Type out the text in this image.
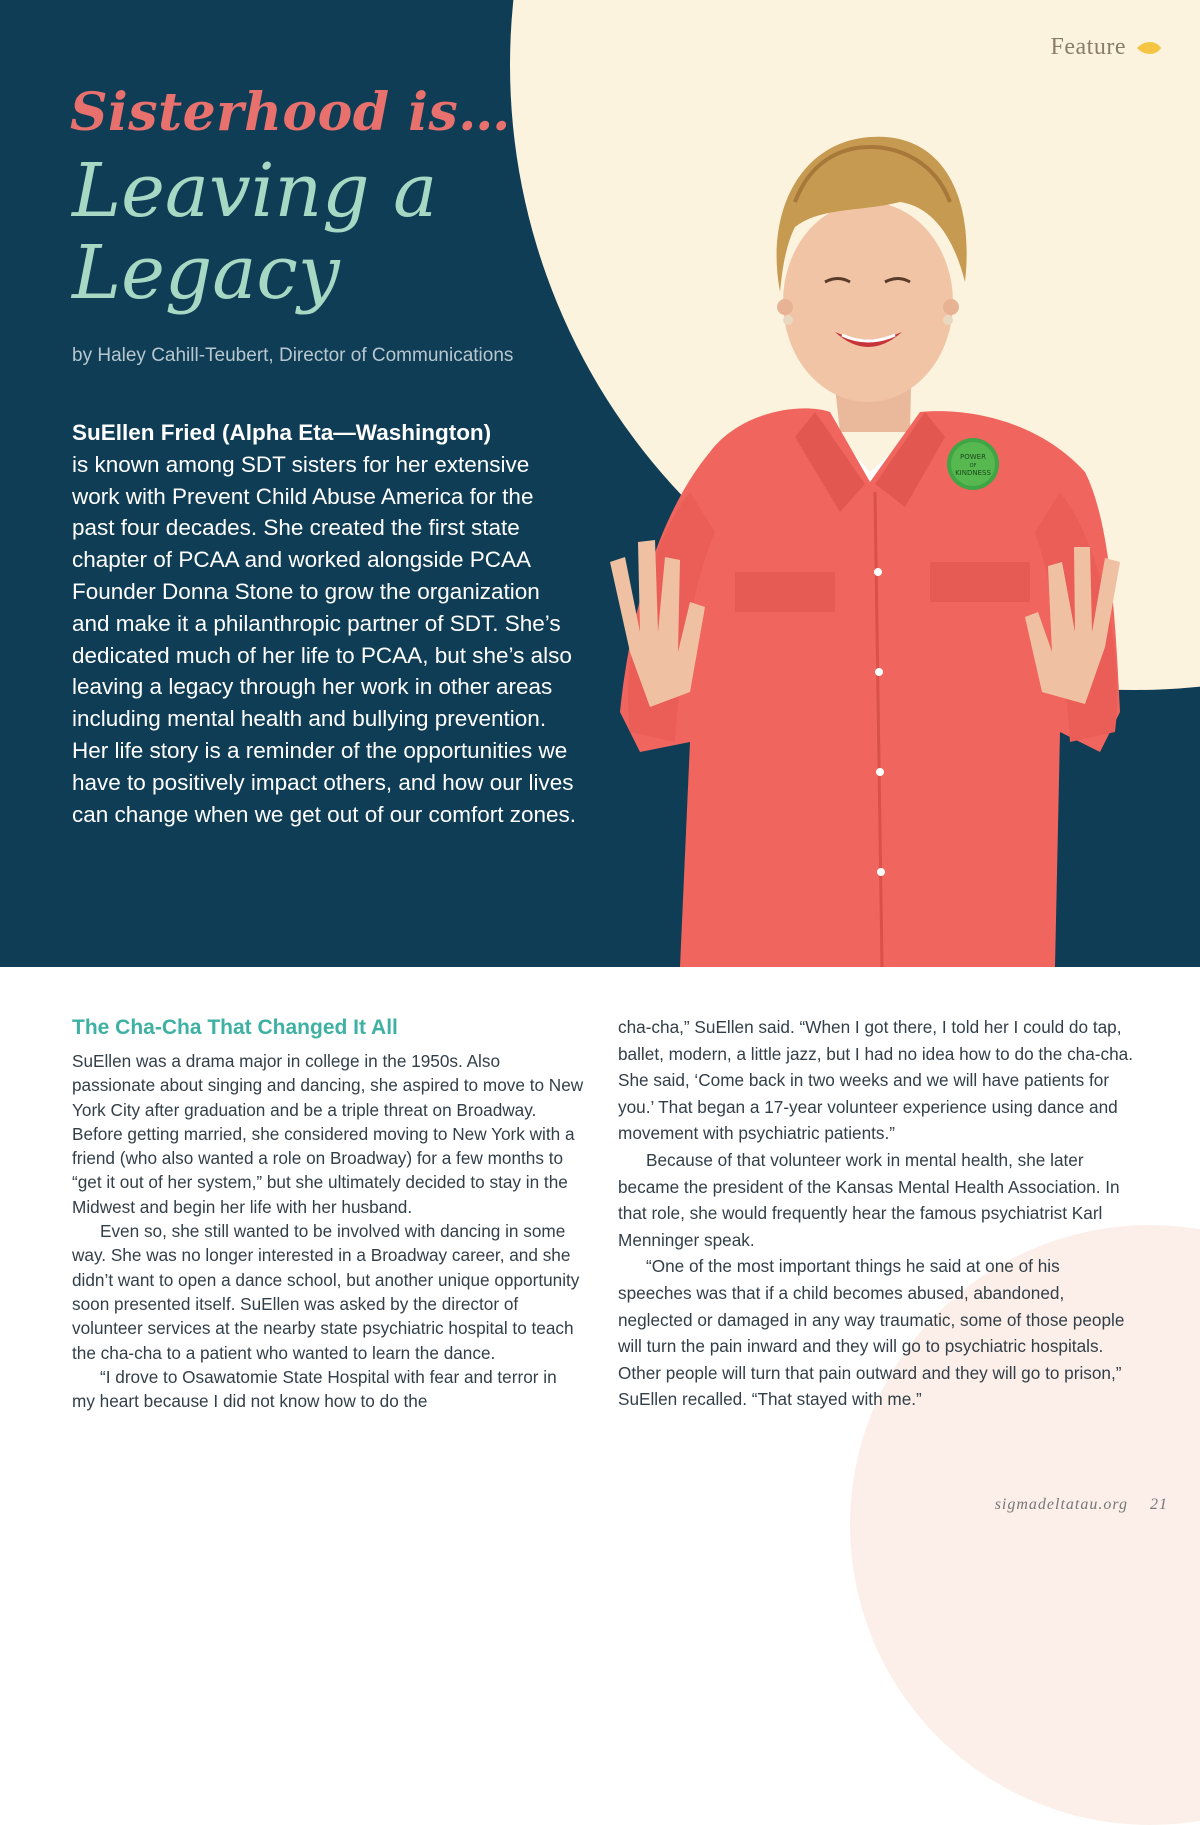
Feature
Sisterhood is…
Leaving a Legacy
by Haley Cahill-Teubert, Director of Communications
SuEllen Fried (Alpha Eta—Washington)
is known among SDT sisters for her extensive work with Prevent Child Abuse America for the past four decades. She created the first state chapter of PCAA and worked alongside PCAA Founder Donna Stone to grow the organization and make it a philanthropic partner of SDT. She’s dedicated much of her life to PCAA, but she’s also leaving a legacy through her work in other areas including mental health and bullying prevention. Her life story is a reminder of the opportunities we have to positively impact others, and how our lives can change when we get out of our comfort zones.
POWER
OF
KINDNESS
The Cha-Cha That Changed It All

SuEllen was a drama major in college in the 1950s. Also passionate about singing and dancing, she aspired to move to New York City after graduation and be a triple threat on Broadway. Before getting married, she considered moving to New York with a friend (who also wanted a role on Broadway) for a few months to “get it out of her system,” but she ultimately decided to stay in the Midwest and begin her life with her husband.

Even so, she still wanted to be involved with dancing in some way. She was no longer interested in a Broadway career, and she didn’t want to open a dance school, but another unique opportunity soon presented itself. SuEllen was asked by the director of volunteer services at the nearby state psychiatric hospital to teach the cha-cha to a patient who wanted to learn the dance.

“I drove to Osawatomie State Hospital with fear and terror in my heart because I did not know how to do the

cha-cha,” SuEllen said. “When I got there, I told her I could do tap, ballet, modern, a little jazz, but I had no idea how to do the cha-cha. She said, ‘Come back in two weeks and we will have patients for you.’ That began a 17-year volunteer experience using dance and movement with psychiatric patients.”

Because of that volunteer work in mental health, she later became the president of the Kansas Mental Health Association. In that role, she would frequently hear the famous psychiatrist Karl Menninger speak.

“One of the most important things he said at one of his speeches was that if a child becomes abused, abandoned, neglected or damaged in any way traumatic, some of those people will turn the pain inward and they will go to psychiatric hospitals. Other people will turn that pain outward and they will go to prison,” SuEllen recalled. “That stayed with me.”

sigmadeltatau.org 21
